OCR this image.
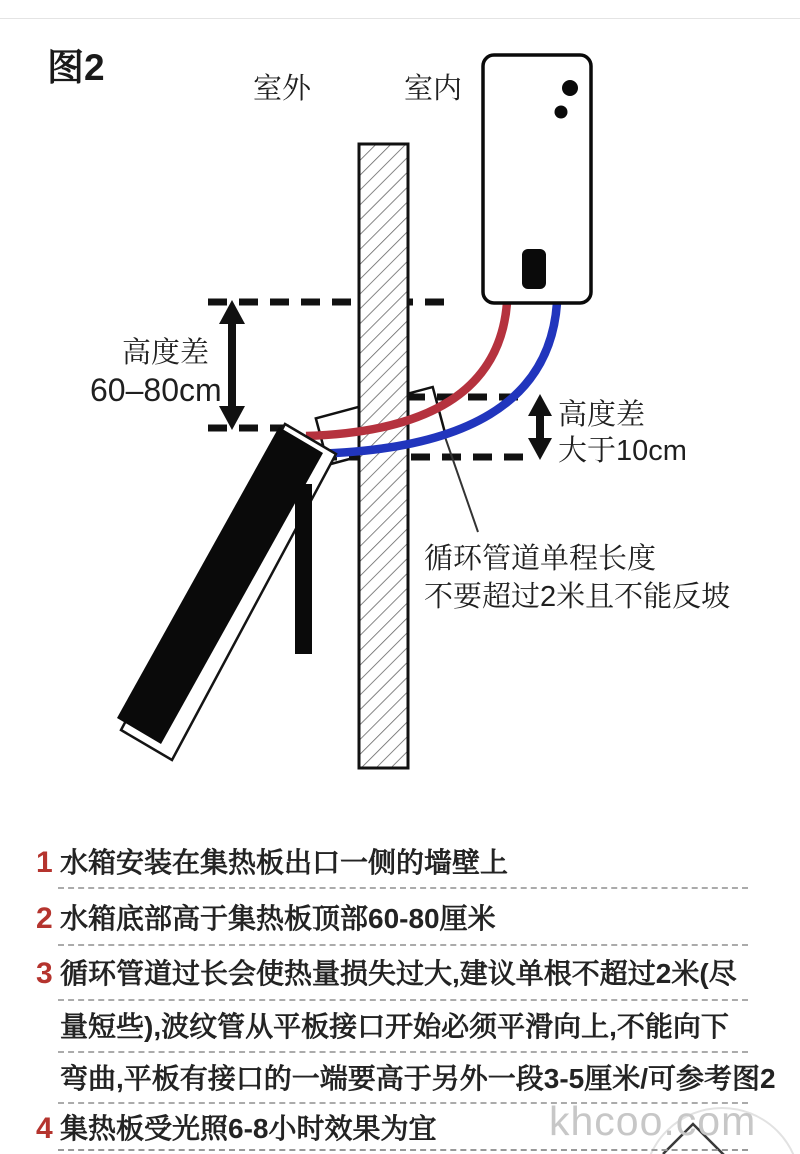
图2
室外	室内
高度差
60–80cm
高度差
大于10cm
循环管道单程长度
不要超过2米且不能反坡
1 水箱安装在集热板出口一侧的墙壁上
2 水箱底部高于集热板顶部60-80厘米
3 循环管道过长会使热量损失过大,建议单根不超过2米(尽
量短些),波纹管从平板接口开始必须平滑向上,不能向下
弯曲,平板有接口的一端要高于另外一段3-5厘米/可参考图2
4 集热板受光照6-8小时效果为宜	khcoo.com
